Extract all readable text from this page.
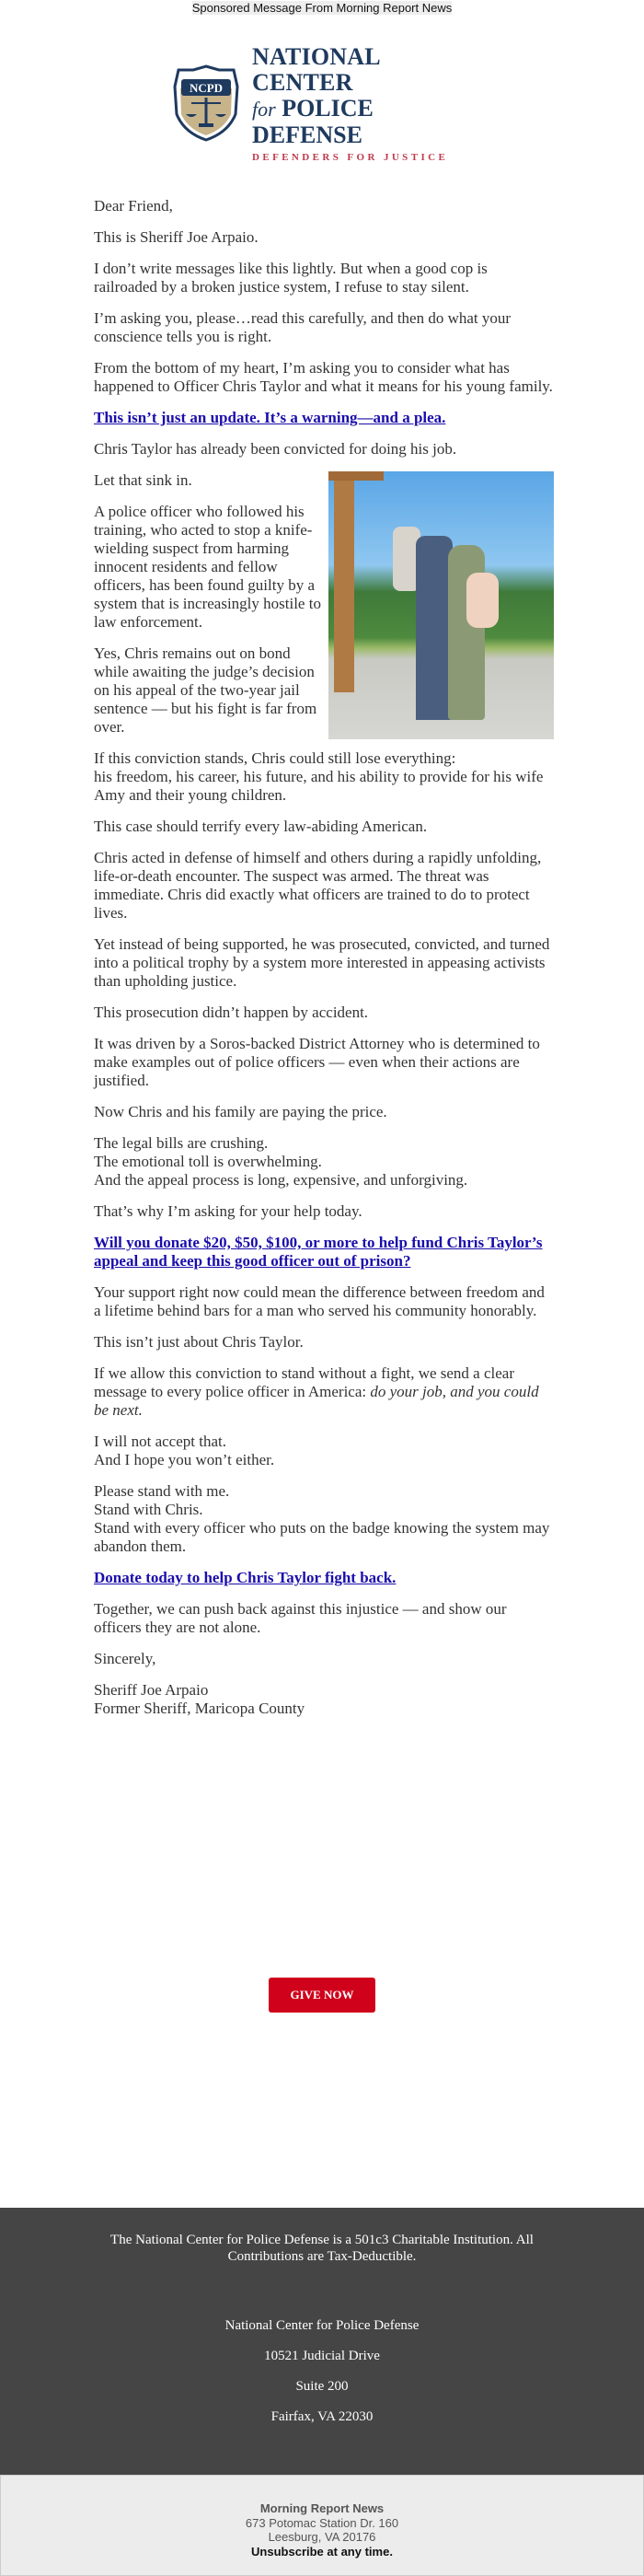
Sponsored Message From Morning Report News
NCPD
NATIONAL CENTER
for POLICE DEFENSE
DEFENDERS FOR JUSTICE

Dear Friend,

This is Sheriff Joe Arpaio.

I don’t write messages like this lightly. But when a good cop is railroaded by a broken justice system, I refuse to stay silent.

I’m asking you, please…read this carefully, and then do what your conscience tells you is right.

From the bottom of my heart, I’m asking you to consider what has happened to Officer Chris Taylor and what it means for his young family.

This isn’t just an update. It’s a warning—and a plea.

Chris Taylor has already been convicted for doing his job.

Let that sink in.

A police officer who followed his training, who acted to stop a knife-wielding suspect from harming innocent residents and fellow officers, has been found guilty by a system that is increasingly hostile to law enforcement.

Yes, Chris remains out on bond while awaiting the judge’s decision on his appeal of the two-year jail sentence — but his fight is far from over.

If this conviction stands, Chris could still lose everything:
his freedom, his career, his future, and his ability to provide for his wife Amy and their young children.

This case should terrify every law-abiding American.

Chris acted in defense of himself and others during a rapidly unfolding, life-or-death encounter. The suspect was armed. The threat was immediate. Chris did exactly what officers are trained to do to protect lives.

Yet instead of being supported, he was prosecuted, convicted, and turned into a political trophy by a system more interested in appeasing activists than upholding justice.

This prosecution didn’t happen by accident.

It was driven by a Soros-backed District Attorney who is determined to make examples out of police officers — even when their actions are justified.

Now Chris and his family are paying the price.

The legal bills are crushing.
The emotional toll is overwhelming.
And the appeal process is long, expensive, and unforgiving.

That’s why I’m asking for your help today.

Will you donate $20, $50, $100, or more to help fund Chris Taylor’s appeal and keep this good officer out of prison?

Your support right now could mean the difference between freedom and a lifetime behind bars for a man who served his community honorably.

This isn’t just about Chris Taylor.

If we allow this conviction to stand without a fight, we send a clear message to every police officer in America: do your job, and you could be next.

I will not accept that.
And I hope you won’t either.

Please stand with me.
Stand with Chris.
Stand with every officer who puts on the badge knowing the system may abandon them.

Donate today to help Chris Taylor fight back.

Together, we can push back against this injustice — and show our officers they are not alone.

Sincerely,

Sheriff Joe Arpaio
Former Sheriff, Maricopa County

GIVE NOW
The National Center for Police Defense is a 501c3 Charitable Institution. All Contributions are Tax-Deductible.

National Center for Police Defense

10521 Judicial Drive

Suite 200

Fairfax, VA 22030

Morning Report News
673 Potomac Station Dr. 160
Leesburg, VA 20176
Unsubscribe at any time.
